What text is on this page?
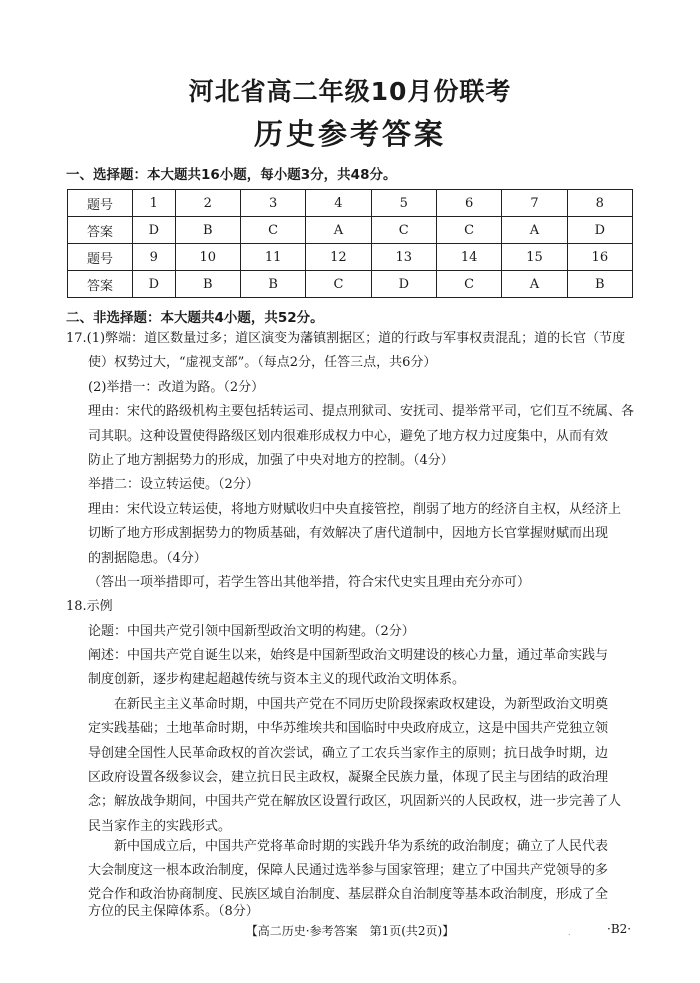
河北省高二年级10月份联考
历史参考答案
一、选择题：本大题共16小题，每小题3分，共48分。
题号	1	2	3	4	5	6	7	8
答案	D	B	C	A	C	C	A	D
题号	9	10	11	12	13	14	15	16
答案	D	B	B	C	D	C	A	B
二、非选择题：本大题共4小题，共52分。
17.(1)弊端：道区数量过多；道区演变为藩镇割据区；道的行政与军事权责混乱；道的长官（节度
使）权势过大，“虚视支部”。（每点2分，任答三点，共6分）
(2)举措一：改道为路。（2分）
理由：宋代的路级机构主要包括转运司、提点刑狱司、安抚司、提举常平司，它们互不统属、各
司其职。这种设置使得路级区划内很难形成权力中心，避免了地方权力过度集中，从而有效
防止了地方割据势力的形成，加强了中央对地方的控制。（4分）
举措二：设立转运使。（2分）
理由：宋代设立转运使，将地方财赋收归中央直接管控，削弱了地方的经济自主权，从经济上
切断了地方形成割据势力的物质基础，有效解决了唐代道制中，因地方长官掌握财赋而出现
的割据隐患。（4分）
（答出一项举措即可，若学生答出其他举措，符合宋代史实且理由充分亦可）
18.示例
论题：中国共产党引领中国新型政治文明的构建。（2分）
阐述：中国共产党自诞生以来，始终是中国新型政治文明建设的核心力量，通过革命实践与
制度创新，逐步构建起超越传统与资本主义的现代政治文明体系。
在新民主主义革命时期，中国共产党在不同历史阶段探索政权建设，为新型政治文明奠
定实践基础；土地革命时期，中华苏维埃共和国临时中央政府成立，这是中国共产党独立领
导创建全国性人民革命政权的首次尝试，确立了工农兵当家作主的原则；抗日战争时期，边
区政府设置各级参议会，建立抗日民主政权，凝聚全民族力量，体现了民主与团结的政治理
念；解放战争期间，中国共产党在解放区设置行政区，巩固新兴的人民政权，进一步完善了人
民当家作主的实践形式。
新中国成立后，中国共产党将革命时期的实践升华为系统的政治制度；确立了人民代表
大会制度这一根本政治制度，保障人民通过选举参与国家管理；建立了中国共产党领导的多
党合作和政治协商制度、民族区域自治制度、基层群众自治制度等基本政治制度，形成了全
方位的民主保障体系。（8分）
【高二历史·参考答案　第1页(共2页)】	.	·B2·
